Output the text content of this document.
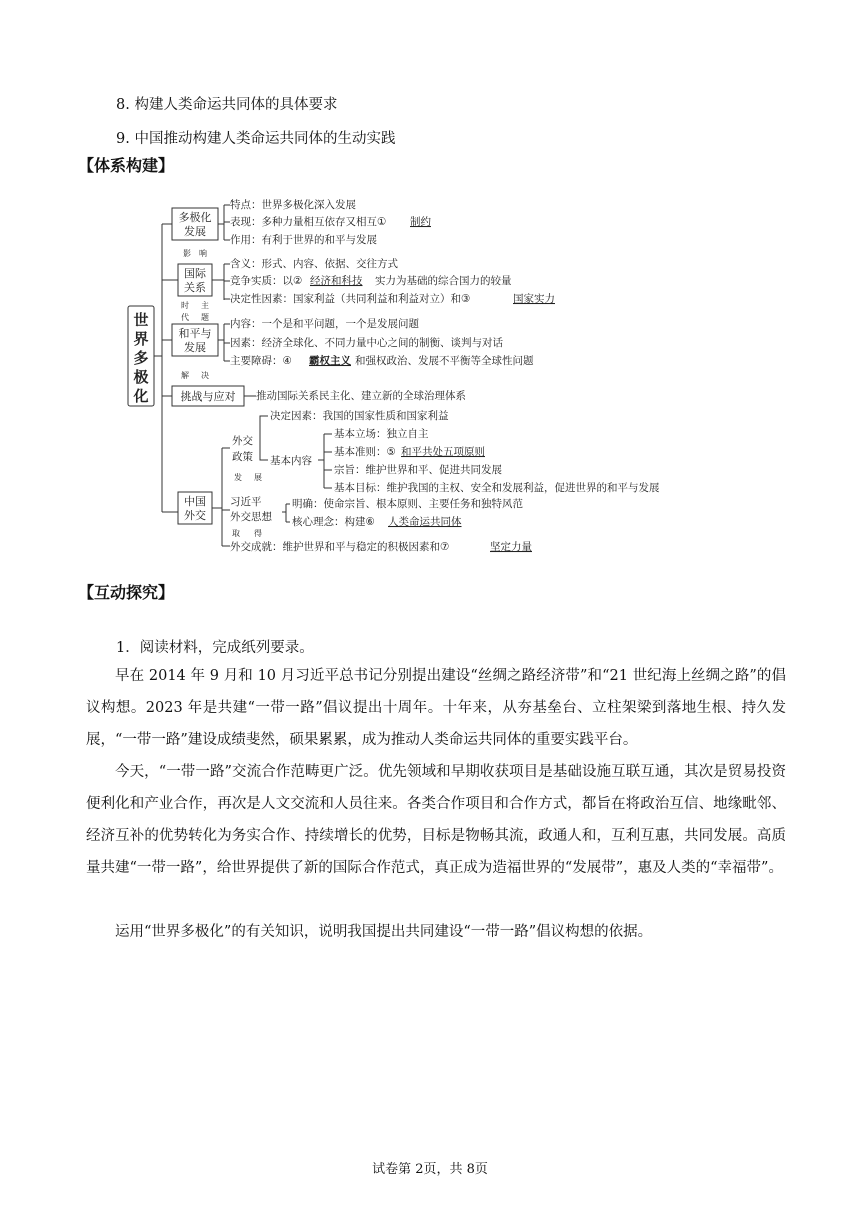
8. 构建人类命运共同体的具体要求
9. 中国推动构建人类命运共同体的生动实践
【体系构建】
世
界
多
极
化
多极化
发展
特点：世界多极化深入发展
表现：多种力量相互依存又相互① 制约
作用：有利于世界的和平与发展
影 响
国际
关系
含义：形式、内容、依据、交往方式
竞争实质：以② 经济和科技 实力为基础的综合国力的较量
决定性因素：国家利益（共同利益和利益对立）和③	国家实力
时
代
主
题
和平与
发展
内容：一个是和平问题，一个是发展问题
因素：经济全球化、不同力量中心之间的制衡、谈判与对话
主要障碍：④ 霸权主义 和强权政治、发展不平衡等全球性问题
解 决
挑战与应对 推动国际关系民主化、建立新的全球治理体系
中国
外交
外交
政策
决定因素：我国的国家性质和国家利益
基本内容
基本立场：独立自主
基本准则：⑤ 和平共处五项原则
宗旨：维护世界和平、促进共同发展
基本目标：维护我国的主权、安全和发展利益，促进世界的和平与发展
发 展
习近平
外交思想
明确：使命宗旨、根本原则、主要任务和独特风范
核心理念：构建⑥ 人类命运共同体
取 得
外交成就：维护世界和平与稳定的积极因素和⑦	坚定力量
【互动探究】
1．阅读材料，完成纸列要录。
早在 2014 年 9 月和 10 月习近平总书记分别提出建设“丝绸之路经济带”和“21 世纪海上丝绸之路”的倡议构想。2023 年是共建“一带一路”倡议提出十周年。十年来，从夯基垒台、立柱架梁到落地生根、持久发展，“一带一路”建设成绩斐然，硕果累累，成为推动人类命运共同体的重要实践平台。
今天，“一带一路”交流合作范畴更广泛。优先领域和早期收获项目是基础设施互联互通，其次是贸易投资便利化和产业合作，再次是人文交流和人员往来。各类合作项目和合作方式，都旨在将政治互信、地缘毗邻、经济互补的优势转化为务实合作、持续增长的优势，目标是物畅其流，政通人和，互利互惠，共同发展。高质量共建“一带一路”，给世界提供了新的国际合作范式，真正成为造福世界的“发展带”，惠及人类的“幸福带”。
运用“世界多极化”的有关知识，说明我国提出共同建设“一带一路”倡议构想的依据。
试卷第 2页，共 8页
